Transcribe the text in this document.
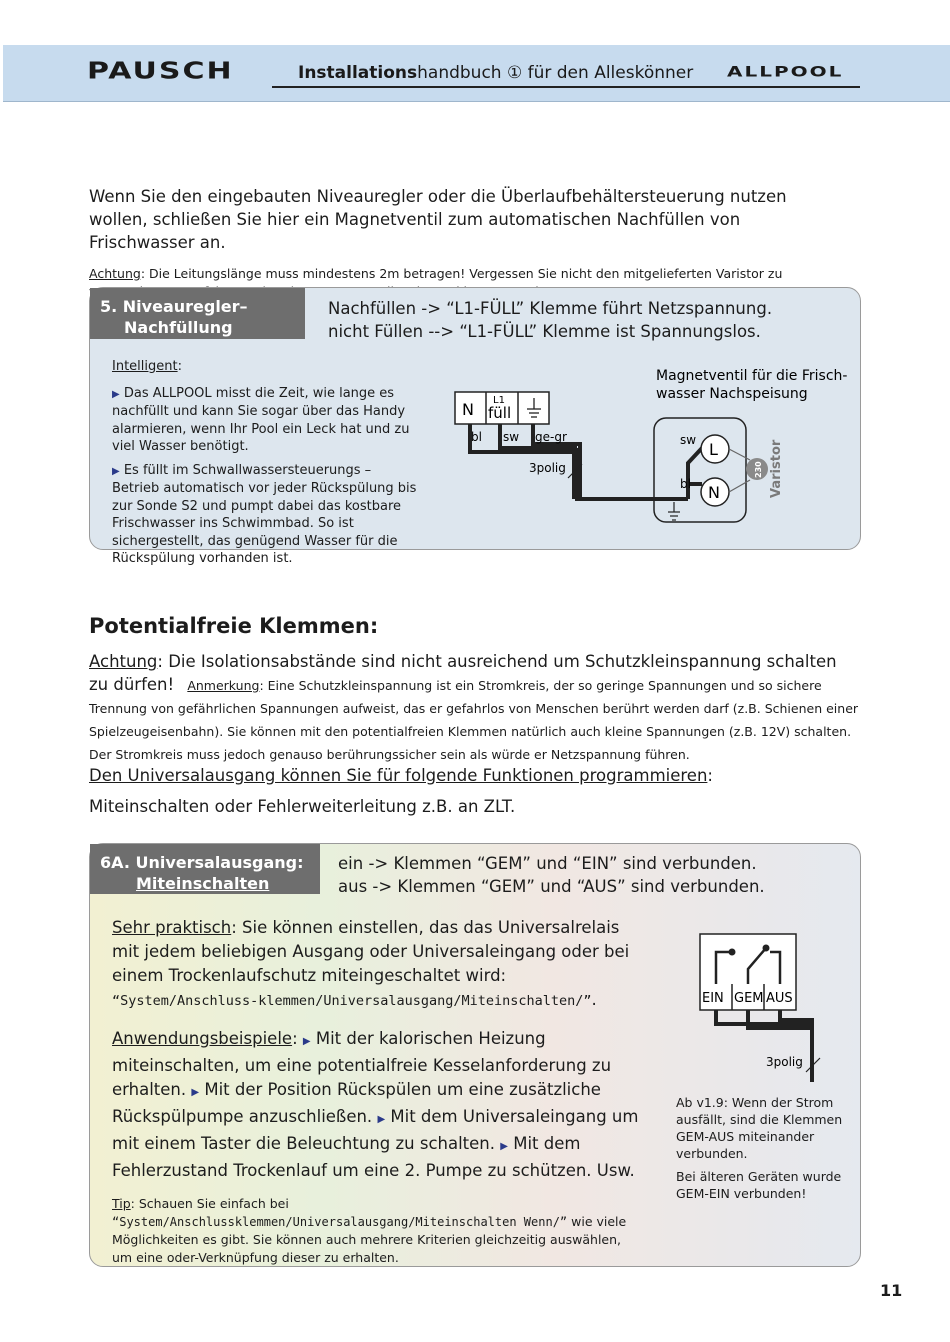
PAUSCH	Installationshandbuch ① für den Alleskönner ALLPOOL
Wenn Sie den eingebauten Niveauregler oder die Überlaufbehältersteuerung nutzen wollen, schließen Sie hier ein Magnetventil zum automatischen Nachfüllen von Frischwasser an.
Achtung: Die Leitungslänge muss mindestens 2m betragen! Vergessen Sie nicht den mitgelieferten Varistor zu
5. Niveauregler–
Nachfüllung
Nachfüllen -> “L1-FÜLL” Klemme führt Netzspannung.
nicht Füllen --> “L1-FÜLL” Klemme ist Spannungslos.
Intelligent:
▶ Das ALLPOOL misst die Zeit, wie lange es nachfüllt und kann Sie sogar über das Handy alarmieren, wenn Ihr Pool ein Leck hat und zu viel Wasser benötigt.
▶ Es füllt im Schwallwassersteuerungs – Betrieb automatisch vor jeder Rückspülung bis zur Sonde S2 und pumpt dabei das kostbare Frischwasser ins Schwimmbad. So ist sichergestellt, das genügend Wasser für die Rückspülung vorhanden ist.
N L1
füll
bl sw ge-gr
3polig
Magnetventil für die Frisch-
wasser Nachspeisung
sw
bl
L
N
230 Varistor
Potentialfreie Klemmen:
Achtung: Die Isolationsabstände sind nicht ausreichend um Schutzkleinspannung schalten zu dürfen! Anmerkung: Eine Schutzkleinspannung ist ein Stromkreis, der so geringe Spannungen und so sichere Trennung von gefährlichen Spannungen aufweist, das er gefahrlos von Menschen berührt werden darf (z.B. Schienen einer Spielzeugeisenbahn). Sie können mit den potentialfreien Klemmen natürlich auch kleine Spannungen (z.B. 12V) schalten. Der Stromkreis muss jedoch genauso berührungssicher sein als würde er Netzspannung führen.
Den Universalausgang können Sie für folgende Funktionen programmieren:
Miteinschalten oder Fehlerweiterleitung z.B. an ZLT.
6A. Universalausgang:
Miteinschalten
ein -> Klemmen “GEM” und “EIN” sind verbunden.
aus -> Klemmen “GEM” und “AUS” sind verbunden.
Sehr praktisch: Sie können einstellen, das das Universalrelais mit jedem beliebigen Ausgang oder Universaleingang oder bei einem Trockenlaufschutz miteingeschaltet wird: “System/Anschluss-klemmen/Universalausgang/Miteinschalten/”.
Anwendungsbeispiele: ▶ Mit der kalorischen Heizung miteinschalten, um eine potentialfreie Kesselanforderung zu erhalten. ▶ Mit der Position Rückspülen um eine zusätzliche Rückspülpumpe anzuschließen. ▶ Mit dem Universaleingang um mit einem Taster die Beleuchtung zu schalten. ▶ Mit dem Fehlerzustand Trockenlauf um eine 2. Pumpe zu schützen. Usw.
Tip: Schauen Sie einfach bei “System/Anschlussklemmen/Universalausgang/Miteinschalten Wenn/” wie viele Möglichkeiten es gibt. Sie können auch mehrere Kriterien gleichzeitig auswählen, um eine oder-Verknüpfung dieser zu erhalten.
EIN GEM AUS
3polig
Ab v1.9: Wenn der Strom ausfällt, sind die Klemmen GEM-AUS miteinander verbunden.
Bei älteren Geräten wurde GEM-EIN verbunden!
11
